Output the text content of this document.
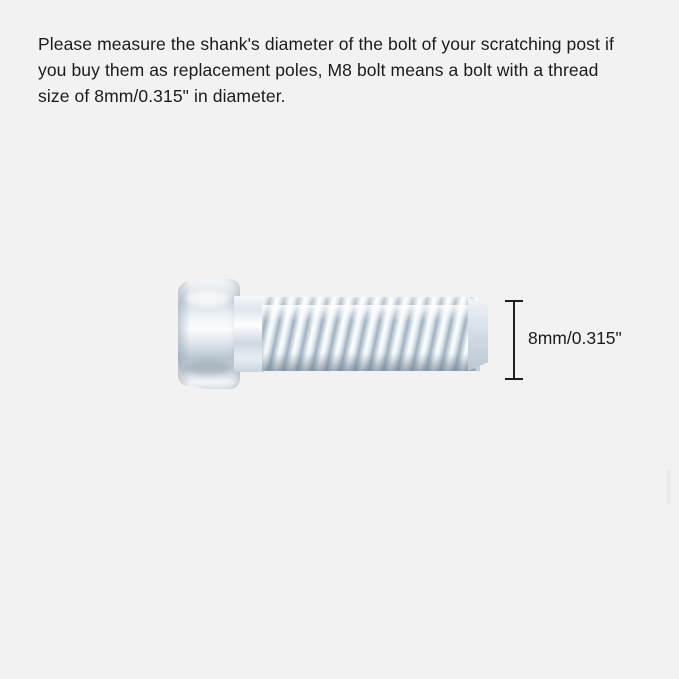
Please measure the shank's diameter of the bolt of your scratching post if you buy them as replacement poles, M8 bolt means a bolt with a thread size of 8mm/0.315" in diameter.
8mm/0.315"
